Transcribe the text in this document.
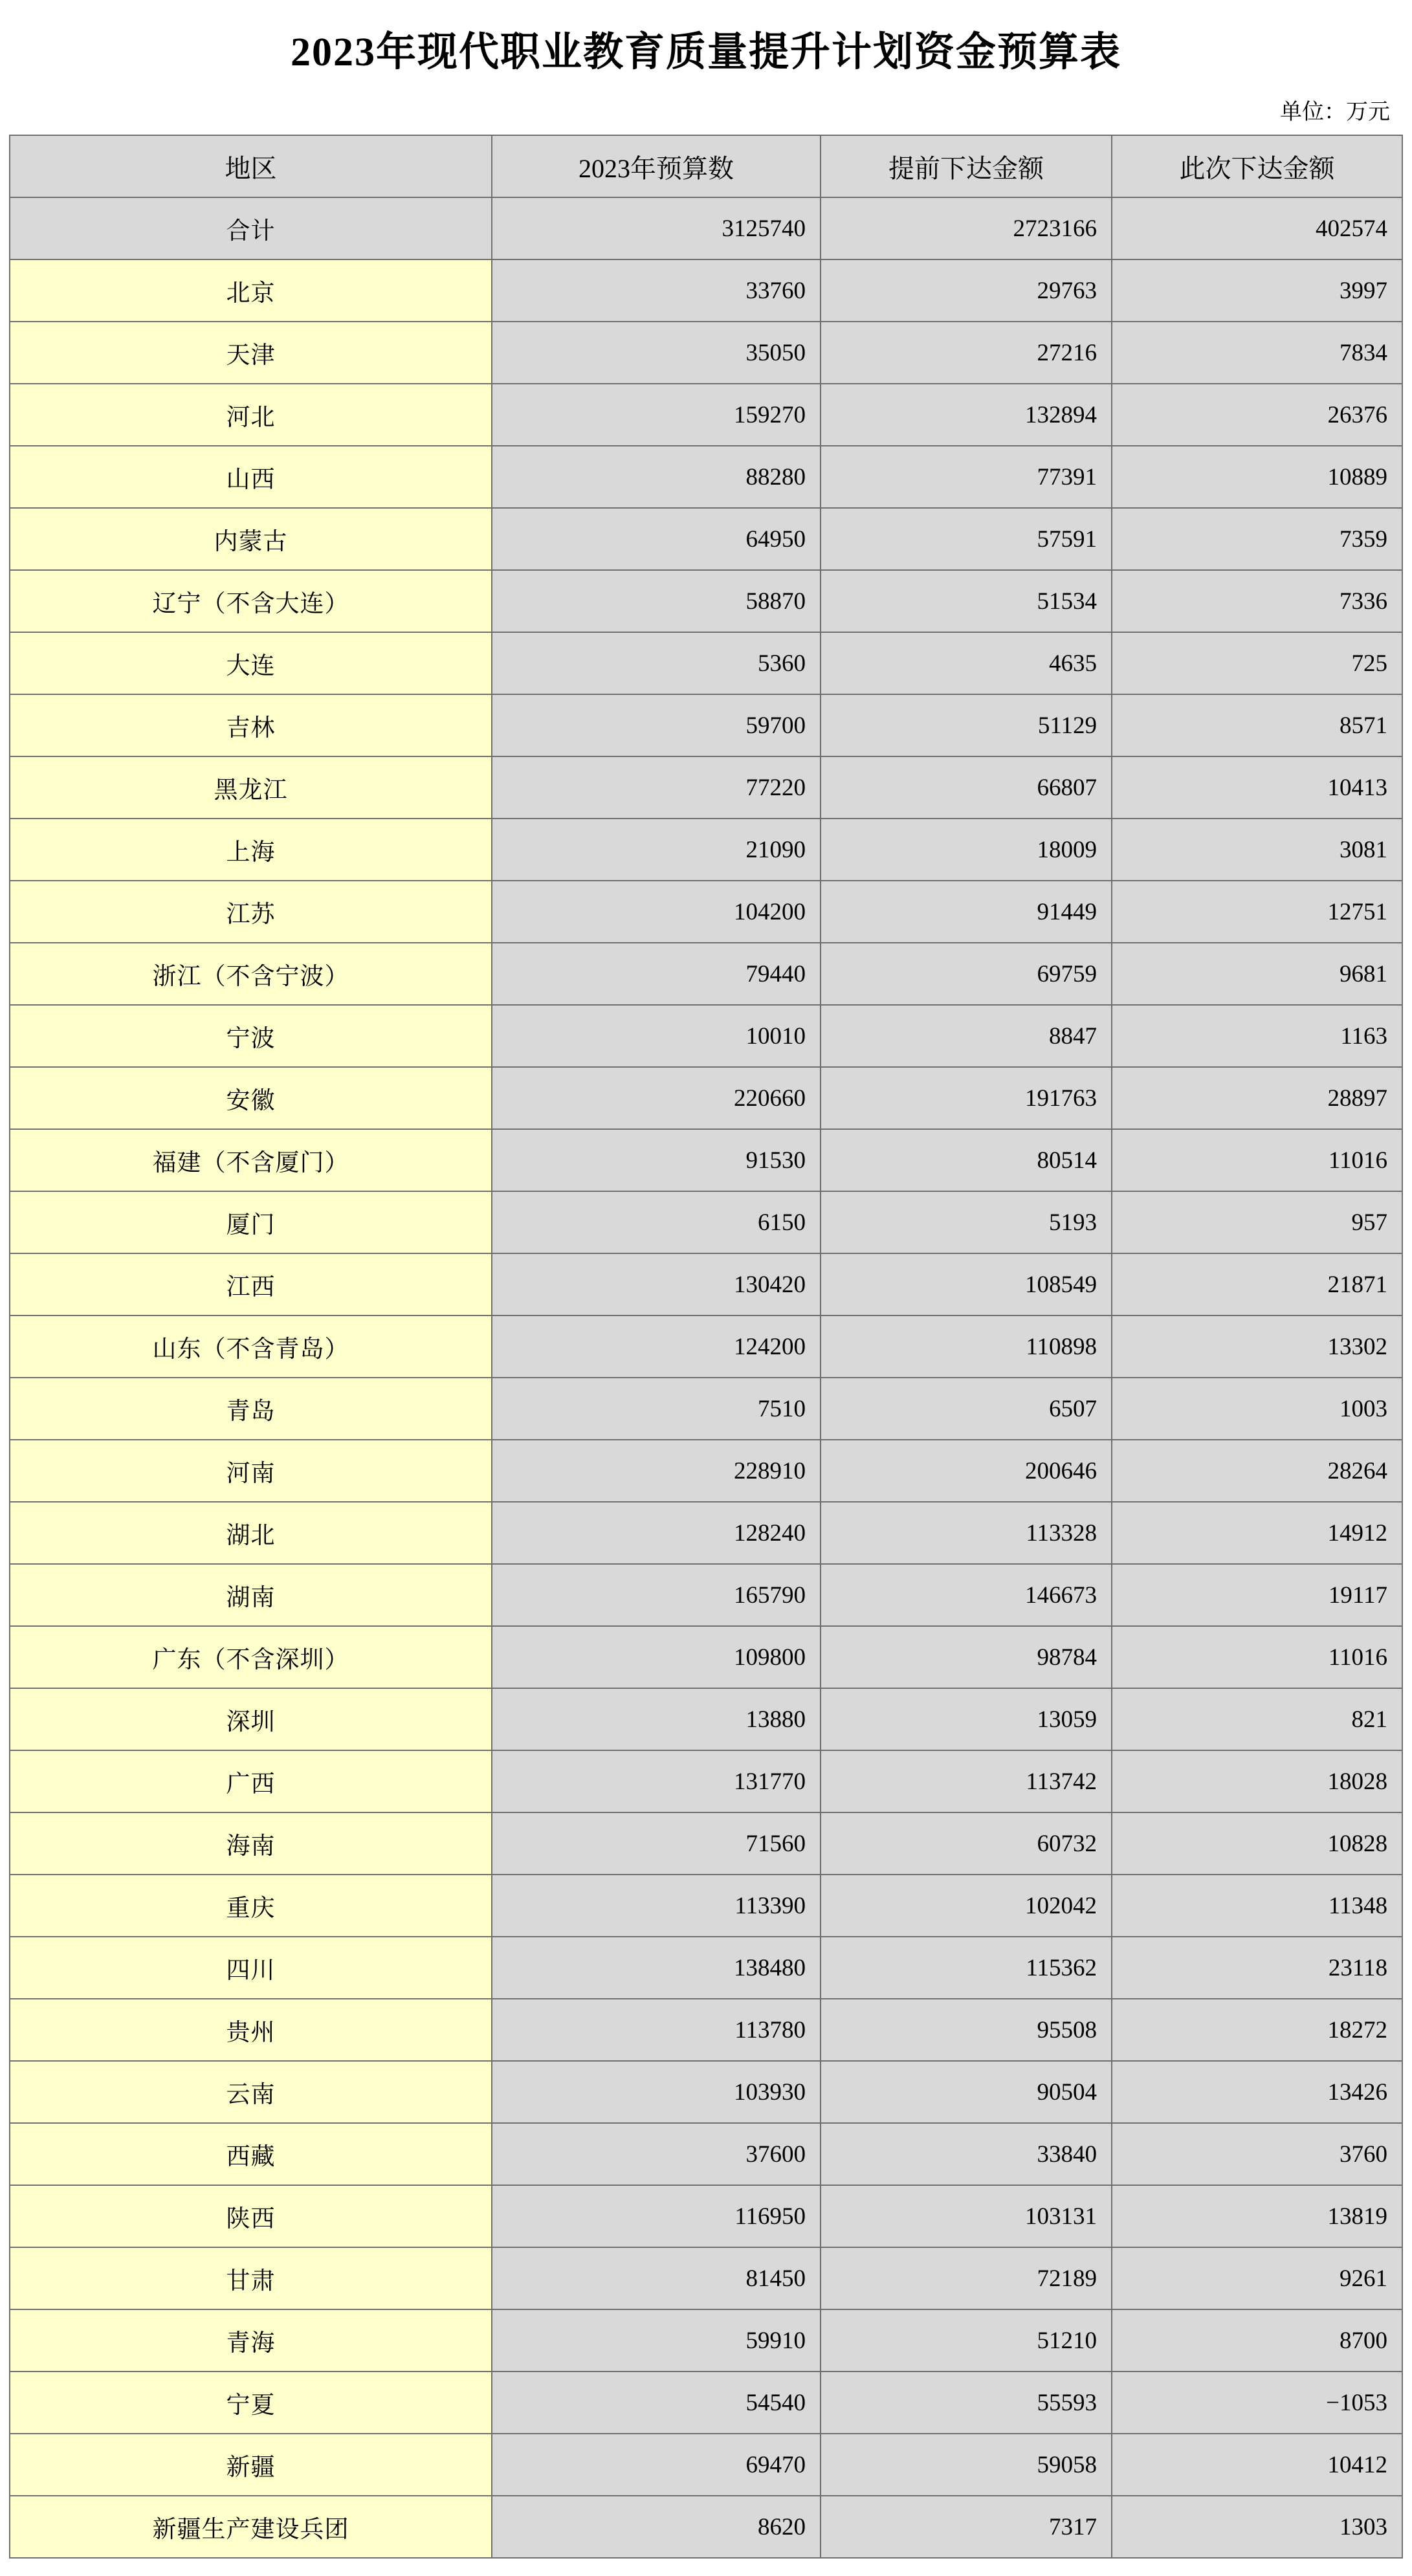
2023年现代职业教育质量提升计划资金预算表
单位：万元
地区	2023年预算数	提前下达金额	此次下达金额
合计	3125740	2723166	402574
北京	33760	29763	3997
天津	35050	27216	7834
河北	159270	132894	26376
山西	88280	77391	10889
内蒙古	64950	57591	7359
辽宁（不含大连）	58870	51534	7336
大连	5360	4635	725
吉林	59700	51129	8571
黑龙江	77220	66807	10413
上海	21090	18009	3081
江苏	104200	91449	12751
浙江（不含宁波）	79440	69759	9681
宁波	10010	8847	1163
安徽	220660	191763	28897
福建（不含厦门）	91530	80514	11016
厦门	6150	5193	957
江西	130420	108549	21871
山东（不含青岛）	124200	110898	13302
青岛	7510	6507	1003
河南	228910	200646	28264
湖北	128240	113328	14912
湖南	165790	146673	19117
广东（不含深圳）	109800	98784	11016
深圳	13880	13059	821
广西	131770	113742	18028
海南	71560	60732	10828
重庆	113390	102042	11348
四川	138480	115362	23118
贵州	113780	95508	18272
云南	103930	90504	13426
西藏	37600	33840	3760
陕西	116950	103131	13819
甘肃	81450	72189	9261
青海	59910	51210	8700
宁夏	54540	55593	−1053
新疆	69470	59058	10412
新疆生产建设兵团	8620	7317	1303
